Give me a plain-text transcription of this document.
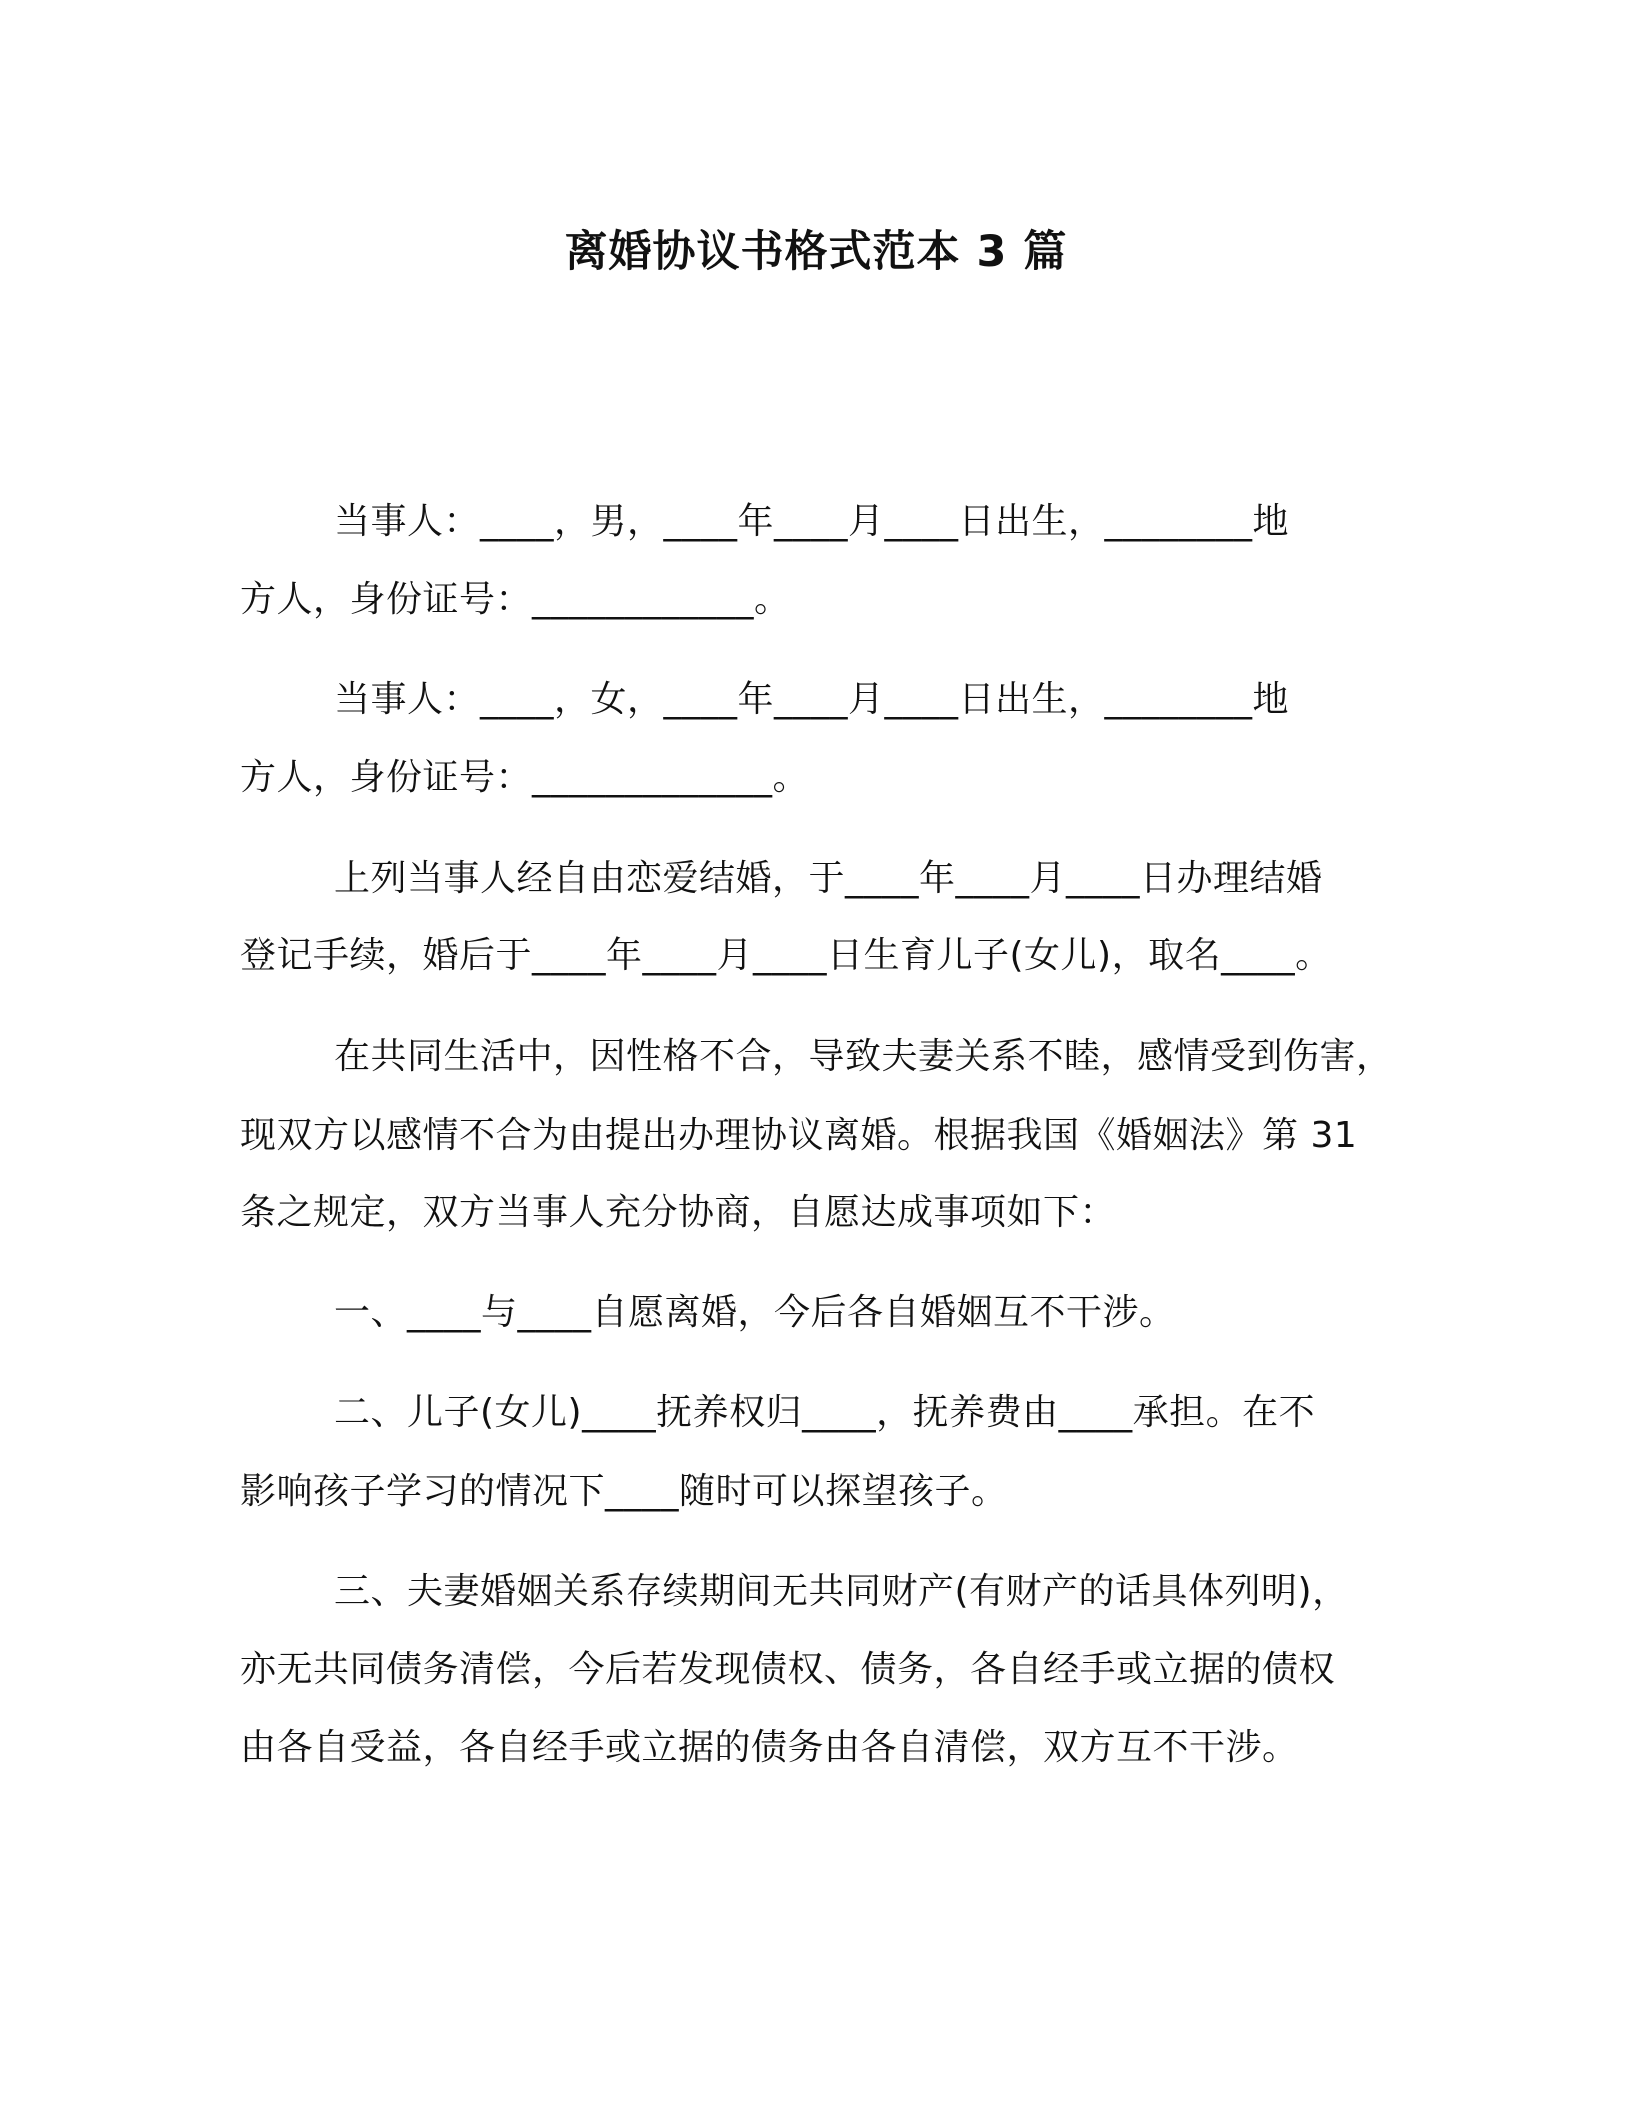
离婚协议书格式范本 3 篇
当事人：____，男，____年____月____日出生，________地
方人，身份证号：____________。
当事人：____，女，____年____月____日出生，________地
方人，身份证号：_____________。
上列当事人经自由恋爱结婚，于____年____月____日办理结婚
登记手续，婚后于____年____月____日生育儿子(女儿)，取名____。
在共同生活中，因性格不合，导致夫妻关系不睦，感情受到伤害，
现双方以感情不合为由提出办理协议离婚。根据我国《婚姻法》第 31
条之规定，双方当事人充分协商，自愿达成事项如下：
一、____与____自愿离婚，今后各自婚姻互不干涉。
二、儿子(女儿)____抚养权归____，抚养费由____承担。在不
影响孩子学习的情况下____随时可以探望孩子。
三、夫妻婚姻关系存续期间无共同财产(有财产的话具体列明)，
亦无共同债务清偿，今后若发现债权、债务，各自经手或立据的债权
由各自受益，各自经手或立据的债务由各自清偿，双方互不干涉。
